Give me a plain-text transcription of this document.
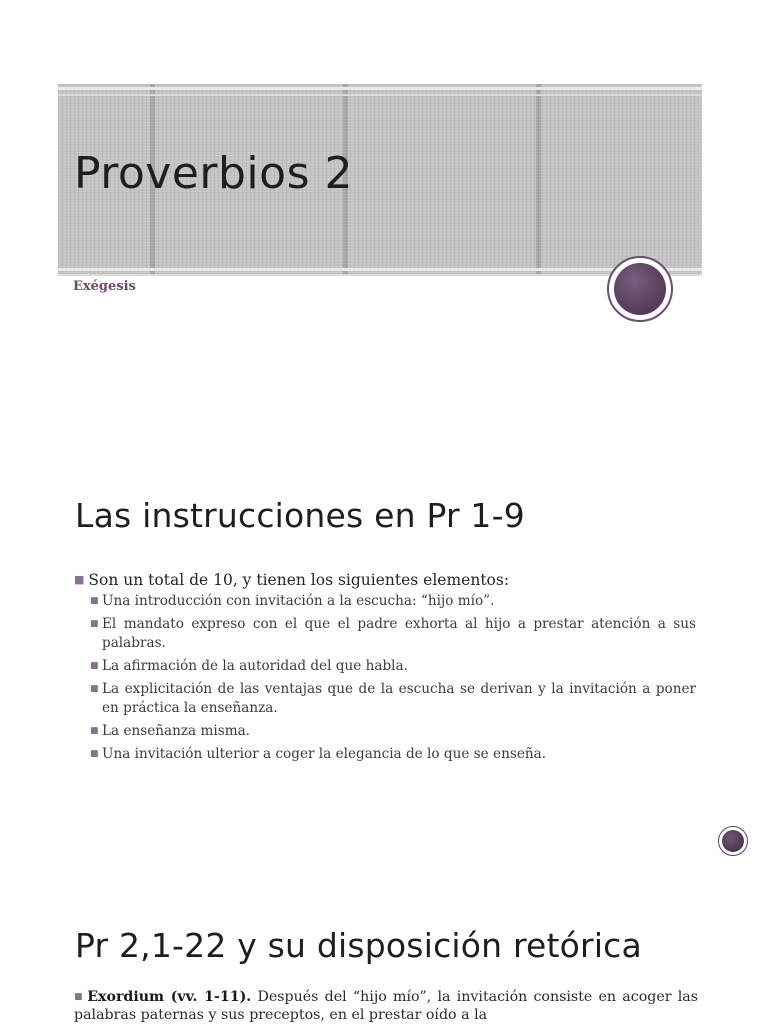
Proverbios 2
Exégesis
Las instrucciones en Pr 1-9
■ Son un total de 10, y tienen los siguientes elementos:
■ Una introducción con invitación a la escucha: “hijo mío”.
■ El mandato expreso con el que el padre exhorta al hijo a prestar atención a sus palabras.
■ La afirmación de la autoridad del que habla.
■ La explicitación de las ventajas que de la escucha se derivan y la invitación a poner en práctica la enseñanza.
■ La enseñanza misma.
■ Una invitación ulterior a coger la elegancia de lo que se enseña.
Pr 2,1-22 y su disposición retórica

■ Exordium (vv. 1-11). Después del “hijo mío”, la invitación consiste en acoger las palabras paternas y sus preceptos, en el prestar oído a la
